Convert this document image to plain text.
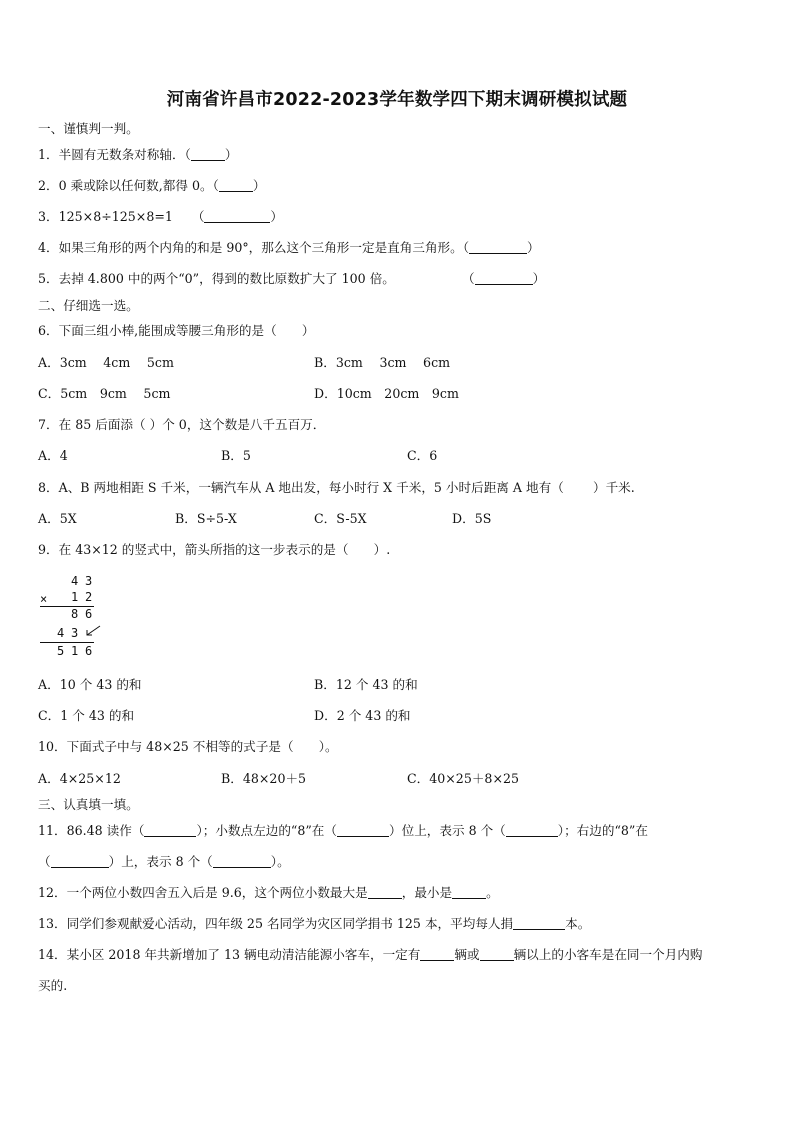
河南省许昌市2022-2023学年数学四下期末调研模拟试题
一、谨慎判一判。
1．半圆有无数条对称轴．（	）
2．0 乘或除以任何数,都得 0。（	）
3．125×8÷125×8=1　　（	）
4．如果三角形的两个内角的和是 90°，那么这个三角形一定是直角三角形。（	）
5．去掉 4.800 中的两个“0”，得到的数比原数扩大了 100 倍。	（	）
二、仔细选一选。
6．下面三组小棒,能围成等腰三角形的是（　　）
A．3cm　 4cm　 5cm	B．3cm　 3cm　 6cm
C．5cm　9cm　 5cm	D．10cm　20cm　9cm
7．在 85 后面添（ ）个 0，这个数是八千五百万．
A．4	B．5	C．6
8．A、B 两地相距 S 千米，一辆汽车从 A 地出发，每小时行 X 千米，5 小时后距离 A 地有（　　 ）千米.
A．5X	B．S÷5-X	C．S-5X	D．5S
9．在 43×12 的竖式中，箭头所指的这一步表示的是（　　）.
4 3
× 1 2
8 6
4 3
5 1 6
A．10 个 43 的和	B．12 个 43 的和
C．1 个 43 的和	D．2 个 43 的和
10．下面式子中与 48×25 不相等的式子是（　　）。
A．4×25×12	B．48×20＋5	C．40×25＋8×25
三、认真填一填。
11．86.48 读作（	）；小数点左边的“8”在（	）位上，表示 8 个（	）；右边的“8”在
（	）上，表示 8 个（	）。
12．一个两位小数四舍五入后是 9.6，这个两位小数最大是	，最小是	。
13．同学们参观献爱心活动，四年级 25 名同学为灾区同学捐书 125 本，平均每人捐	本。
14．某小区 2018 年共新增加了 13 辆电动清洁能源小客车，一定有	辆或	辆以上的小客车是在同一个月内购
买的.
